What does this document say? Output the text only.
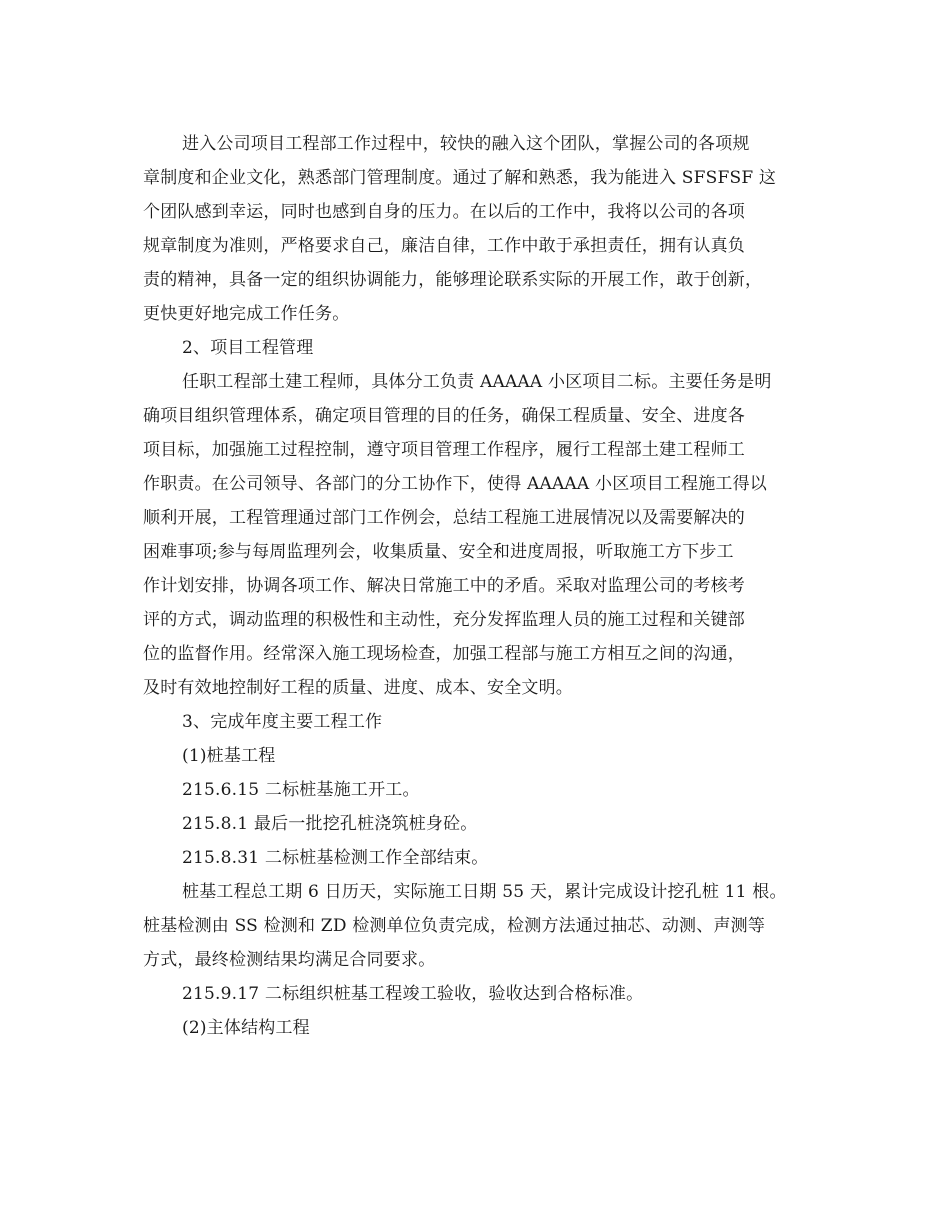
进入公司项目工程部工作过程中，较快的融入这个团队，掌握公司的各项规
章制度和企业文化，熟悉部门管理制度。通过了解和熟悉，我为能进入 SFSFSF 这
个团队感到幸运，同时也感到自身的压力。在以后的工作中，我将以公司的各项
规章制度为准则，严格要求自己，廉洁自律，工作中敢于承担责任，拥有认真负
责的精神，具备一定的组织协调能力，能够理论联系实际的开展工作，敢于创新，
更快更好地完成工作任务。
2、项目工程管理
任职工程部土建工程师，具体分工负责 AAAAA 小区项目二标。主要任务是明
确项目组织管理体系，确定项目管理的目的任务，确保工程质量、安全、进度各
项目标，加强施工过程控制，遵守项目管理工作程序，履行工程部土建工程师工
作职责。在公司领导、各部门的分工协作下，使得 AAAAA 小区项目工程施工得以
顺利开展，工程管理通过部门工作例会，总结工程施工进展情况以及需要解决的
困难事项;参与每周监理列会，收集质量、安全和进度周报，听取施工方下步工
作计划安排，协调各项工作、解决日常施工中的矛盾。采取对监理公司的考核考
评的方式，调动监理的积极性和主动性，充分发挥监理人员的施工过程和关键部
位的监督作用。经常深入施工现场检查，加强工程部与施工方相互之间的沟通，
及时有效地控制好工程的质量、进度、成本、安全文明。
3、完成年度主要工程工作
(1)桩基工程
215.6.15 二标桩基施工开工。
215.8.1 最后一批挖孔桩浇筑桩身砼。
215.8.31 二标桩基检测工作全部结束。
桩基工程总工期 6 日历天，实际施工日期 55 天，累计完成设计挖孔桩 11 根。
桩基检测由 SS 检测和 ZD 检测单位负责完成，检测方法通过抽芯、动测、声测等
方式，最终检测结果均满足合同要求。
215.9.17 二标组织桩基工程竣工验收，验收达到合格标准。
(2)主体结构工程
